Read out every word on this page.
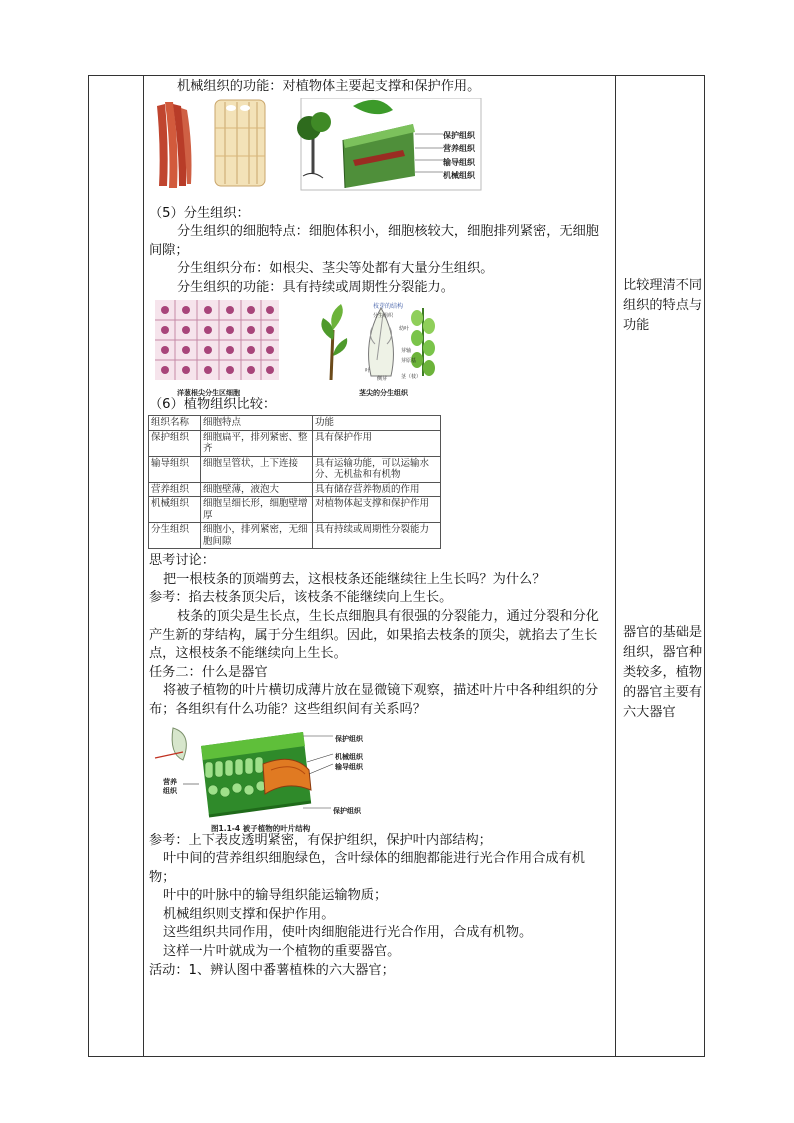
机械组织的功能：对植物体主要起支撑和保护作用。

保护组织
营养组织
输导组织
机械组织

（5）分生组织：

分生组织的细胞特点：细胞体积小，细胞核较大，细胞排列紧密，无细胞间隙；

分生组织分布：如根尖、茎尖等处都有大量分生组织。

分生组织的功能：具有持续或周期性分裂能力。

洋葱根尖分生区细胞
枝芽的结构
分生组织
幼叶
芽轴
芽原基
叶
茎（枝）
侧芽
茎尖的分生组织

（6）植物组织比较：

组织名称	细胞特点	功能
保护组织	细胞扁平，排列紧密、整齐	具有保护作用
输导组织	细胞呈管状，上下连接	具有运输功能，可以运输水分、无机盐和有机物
营养组织	细胞壁薄，液泡大	具有储存营养物质的作用
机械组织	细胞呈细长形，细胞壁增厚	对植物体起支撑和保护作用
分生组织	细胞小，排列紧密，无细胞间隙	具有持续或周期性分裂能力

思考讨论：

把一根枝条的顶端剪去，这根枝条还能继续往上生长吗？为什么？

参考：掐去枝条顶尖后，该枝条不能继续向上生长。

枝条的顶尖是生长点，生长点细胞具有很强的分裂能力，通过分裂和分化产生新的芽结构，属于分生组织。因此，如果掐去枝条的顶尖，就掐去了生长点，这根枝条不能继续向上生长。

任务二：什么是器官

将被子植物的叶片横切成薄片放在显微镜下观察，描述叶片中各种组织的分布；各组织有什么功能？这些组织间有关系吗？

保护组织
机械组织
输导组织
营养组织
保护组织
图1.1-4 被子植物的叶片结构

参考：上下表皮透明紧密，有保护组织，保护叶内部结构；

叶中间的营养组织细胞绿色，含叶绿体的细胞都能进行光合作用合成有机物；

叶中的叶脉中的输导组织能运输物质；

机械组织则支撑和保护作用。

这些组织共同作用，使叶肉细胞能进行光合作用，合成有机物。

这样一片叶就成为一个植物的重要器官。

活动：1、辨认图中番薯植株的六大器官；

比较理清不同组织的特点与功能
器官的基础是组织，器官种类较多，植物的器官主要有六大器官
